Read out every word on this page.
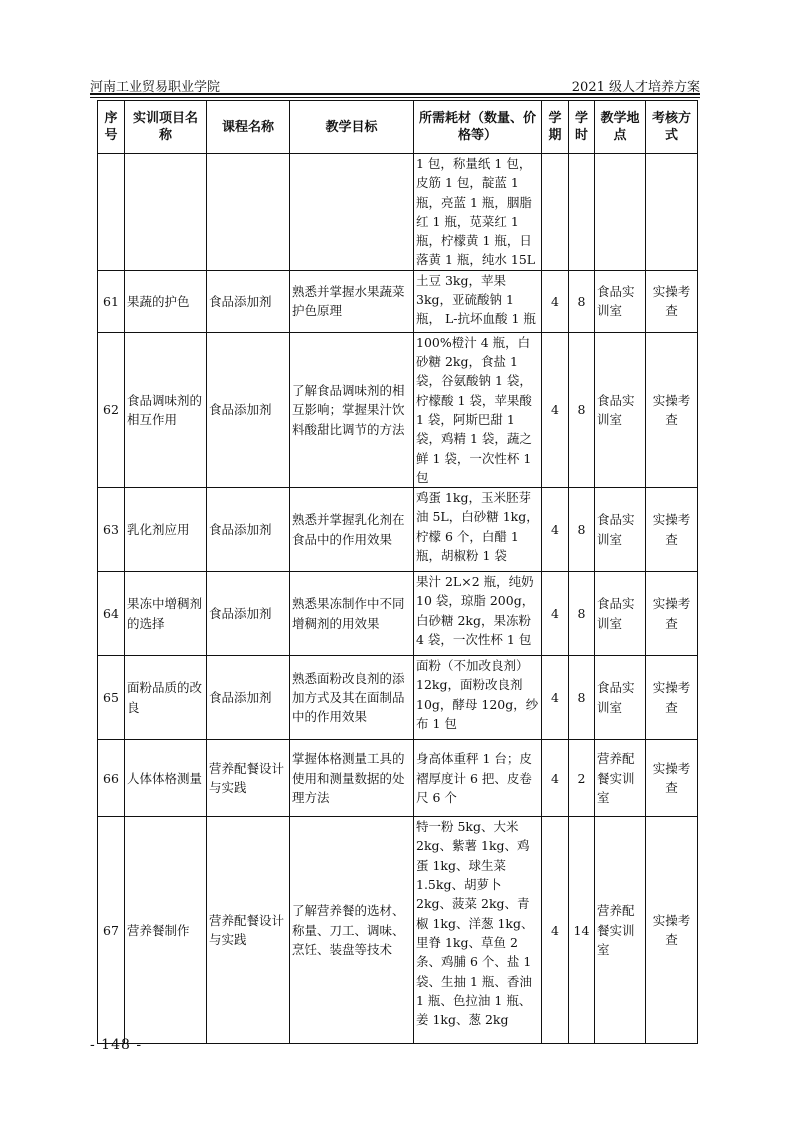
河南工业贸易职业学院	2021 级人才培养方案
序号	实训项目名称	课程名称	教学目标	所需耗材（数量、价格等）	学期	学时	教学地点	考核方式
				1 包，称量纸 1 包，皮筋 1 包，靛蓝 1 瓶，亮蓝 1 瓶，胭脂红 1 瓶，苋菜红 1 瓶，柠檬黄 1 瓶，日落黄 1 瓶，纯水 15L				
61	果蔬的护色	食品添加剂	熟悉并掌握水果蔬菜护色原理	土豆 3kg，苹果 3kg，亚硫酸钠 1 瓶， L-抗坏血酸 1 瓶	4	8	食品实训室	实操考查
62	食品调味剂的相互作用	食品添加剂	了解食品调味剂的相互影响；掌握果汁饮料酸甜比调节的方法	100%橙汁 4 瓶，白砂糖 2kg，食盐 1 袋，谷氨酸钠 1 袋，柠檬酸 1 袋，苹果酸 1 袋，阿斯巴甜 1 袋，鸡精 1 袋，蔬之鲜 1 袋，一次性杯 1 包	4	8	食品实训室	实操考查
63	乳化剂应用	食品添加剂	熟悉并掌握乳化剂在食品中的作用效果	鸡蛋 1kg，玉米胚芽油 5L，白砂糖 1kg，柠檬 6 个，白醋 1 瓶，胡椒粉 1 袋	4	8	食品实训室	实操考查
64	果冻中增稠剂的选择	食品添加剂	熟悉果冻制作中不同增稠剂的用效果	果汁 2L×2 瓶，纯奶 10 袋，琼脂 200g，白砂糖 2kg，果冻粉 4 袋，一次性杯 1 包	4	8	食品实训室	实操考查
65	面粉品质的改良	食品添加剂	熟悉面粉改良剂的添加方式及其在面制品中的作用效果	面粉（不加改良剂）12kg，面粉改良剂 10g，酵母 120g，纱布 1 包	4	8	食品实训室	实操考查
66	人体体格测量	营养配餐设计与实践	掌握体格测量工具的使用和测量数据的处理方法	身高体重秤 1 台；皮褶厚度计 6 把、皮卷尺 6 个	4	2	营养配餐实训室	实操考查
67	营养餐制作	营养配餐设计与实践	了解营养餐的选材、称量、刀工、调味、烹饪、装盘等技术	特一粉 5kg、大米 2kg、紫薯 1kg、鸡蛋 1kg、球生菜 1.5kg、胡萝卜 2kg、菠菜 2kg、青椒 1kg、洋葱 1kg、里脊 1kg、草鱼 2 条、鸡脯 6 个、盐 1 袋、生抽 1 瓶、香油 1 瓶、色拉油 1 瓶、姜 1kg、葱 2kg	4	14	营养配餐实训室	实操考查
- 148 -
